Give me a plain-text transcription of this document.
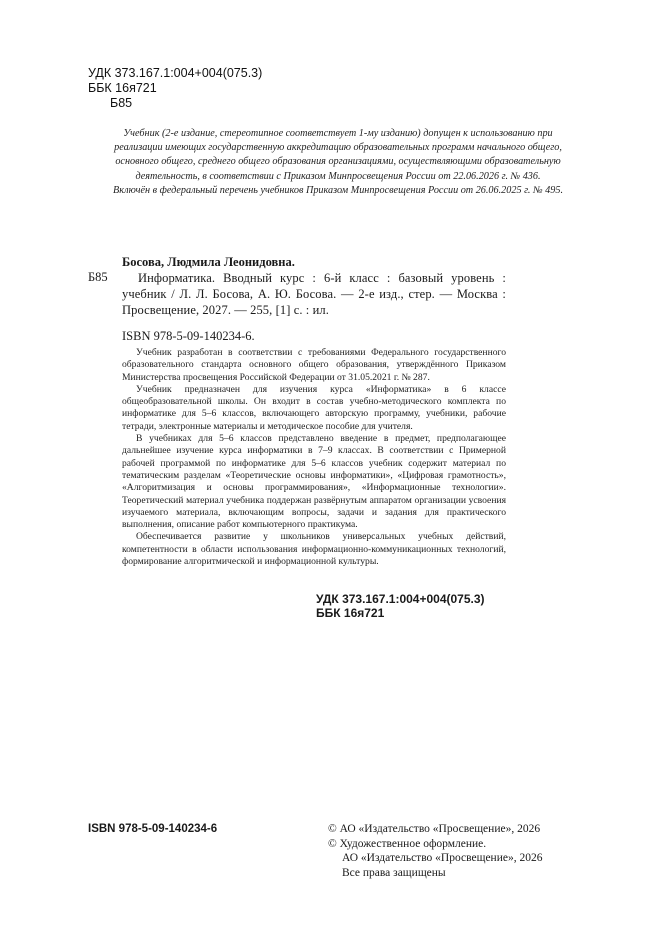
УДК 373.167.1:004+004(075.3)
ББК 16я721
Б85

Учебник (2-е издание, стереотипное соответствует 1-му изданию) допущен к использованию при реализации имеющих государственную аккредитацию образовательных программ начального общего, основного общего, среднего общего образования организациями, осуществляющими образовательную деятельность, в соответствии с Приказом Минпросвещения России от 22.06.2026 г. № 436.

Включён в федеральный перечень учебников Приказом Минпросвещения России от 26.06.2025 г. № 495.

Босова, Людмила Леонидовна.
Б85	Информатика. Вводный курс : 6-й класс : базовый уровень : учебник / Л. Л. Босова, А. Ю. Босова. — 2-е изд., стер. — Москва : Просвещение, 2027. — 255, [1] с. : ил.

ISBN 978-5-09-140234-6.

Учебник разработан в соответствии с требованиями Федерального государственного образовательного стандарта основного общего образования, утверждённого Приказом Министерства просвещения Российской Федерации от 31.05.2021 г. № 287.

Учебник предназначен для изучения курса «Информатика» в 6 классе общеобразовательной школы. Он входит в состав учебно-методического комплекта по информатике для 5–6 классов, включающего авторскую программу, учебники, рабочие тетради, электронные материалы и методическое пособие для учителя.

В учебниках для 5–6 классов представлено введение в предмет, предполагающее дальнейшее изучение курса информатики в 7–9 классах. В соответствии с Примерной рабочей программой по информатике для 5–6 классов учебник содержит материал по тематическим разделам «Теоретические основы информатики», «Цифровая грамотность», «Алгоритмизация и основы программирования», «Информационные технологии». Теоретический материал учебника поддержан развёрнутым аппаратом организации усвоения изучаемого материала, включающим вопросы, задачи и задания для практического выполнения, описание работ компьютерного практикума.

Обеспечивается развитие у школьников универсальных учебных действий, компетентности в области использования информационно-коммуникационных технологий, формирование алгоритмической и информационной культуры.

УДК 373.167.1:004+004(075.3)
ББК 16я721
ISBN 978-5-09-140234-6	© АО «Издательство «Просвещение», 2026
© Художественное оформление.
АО «Издательство «Просвещение», 2026
Все права защищены
